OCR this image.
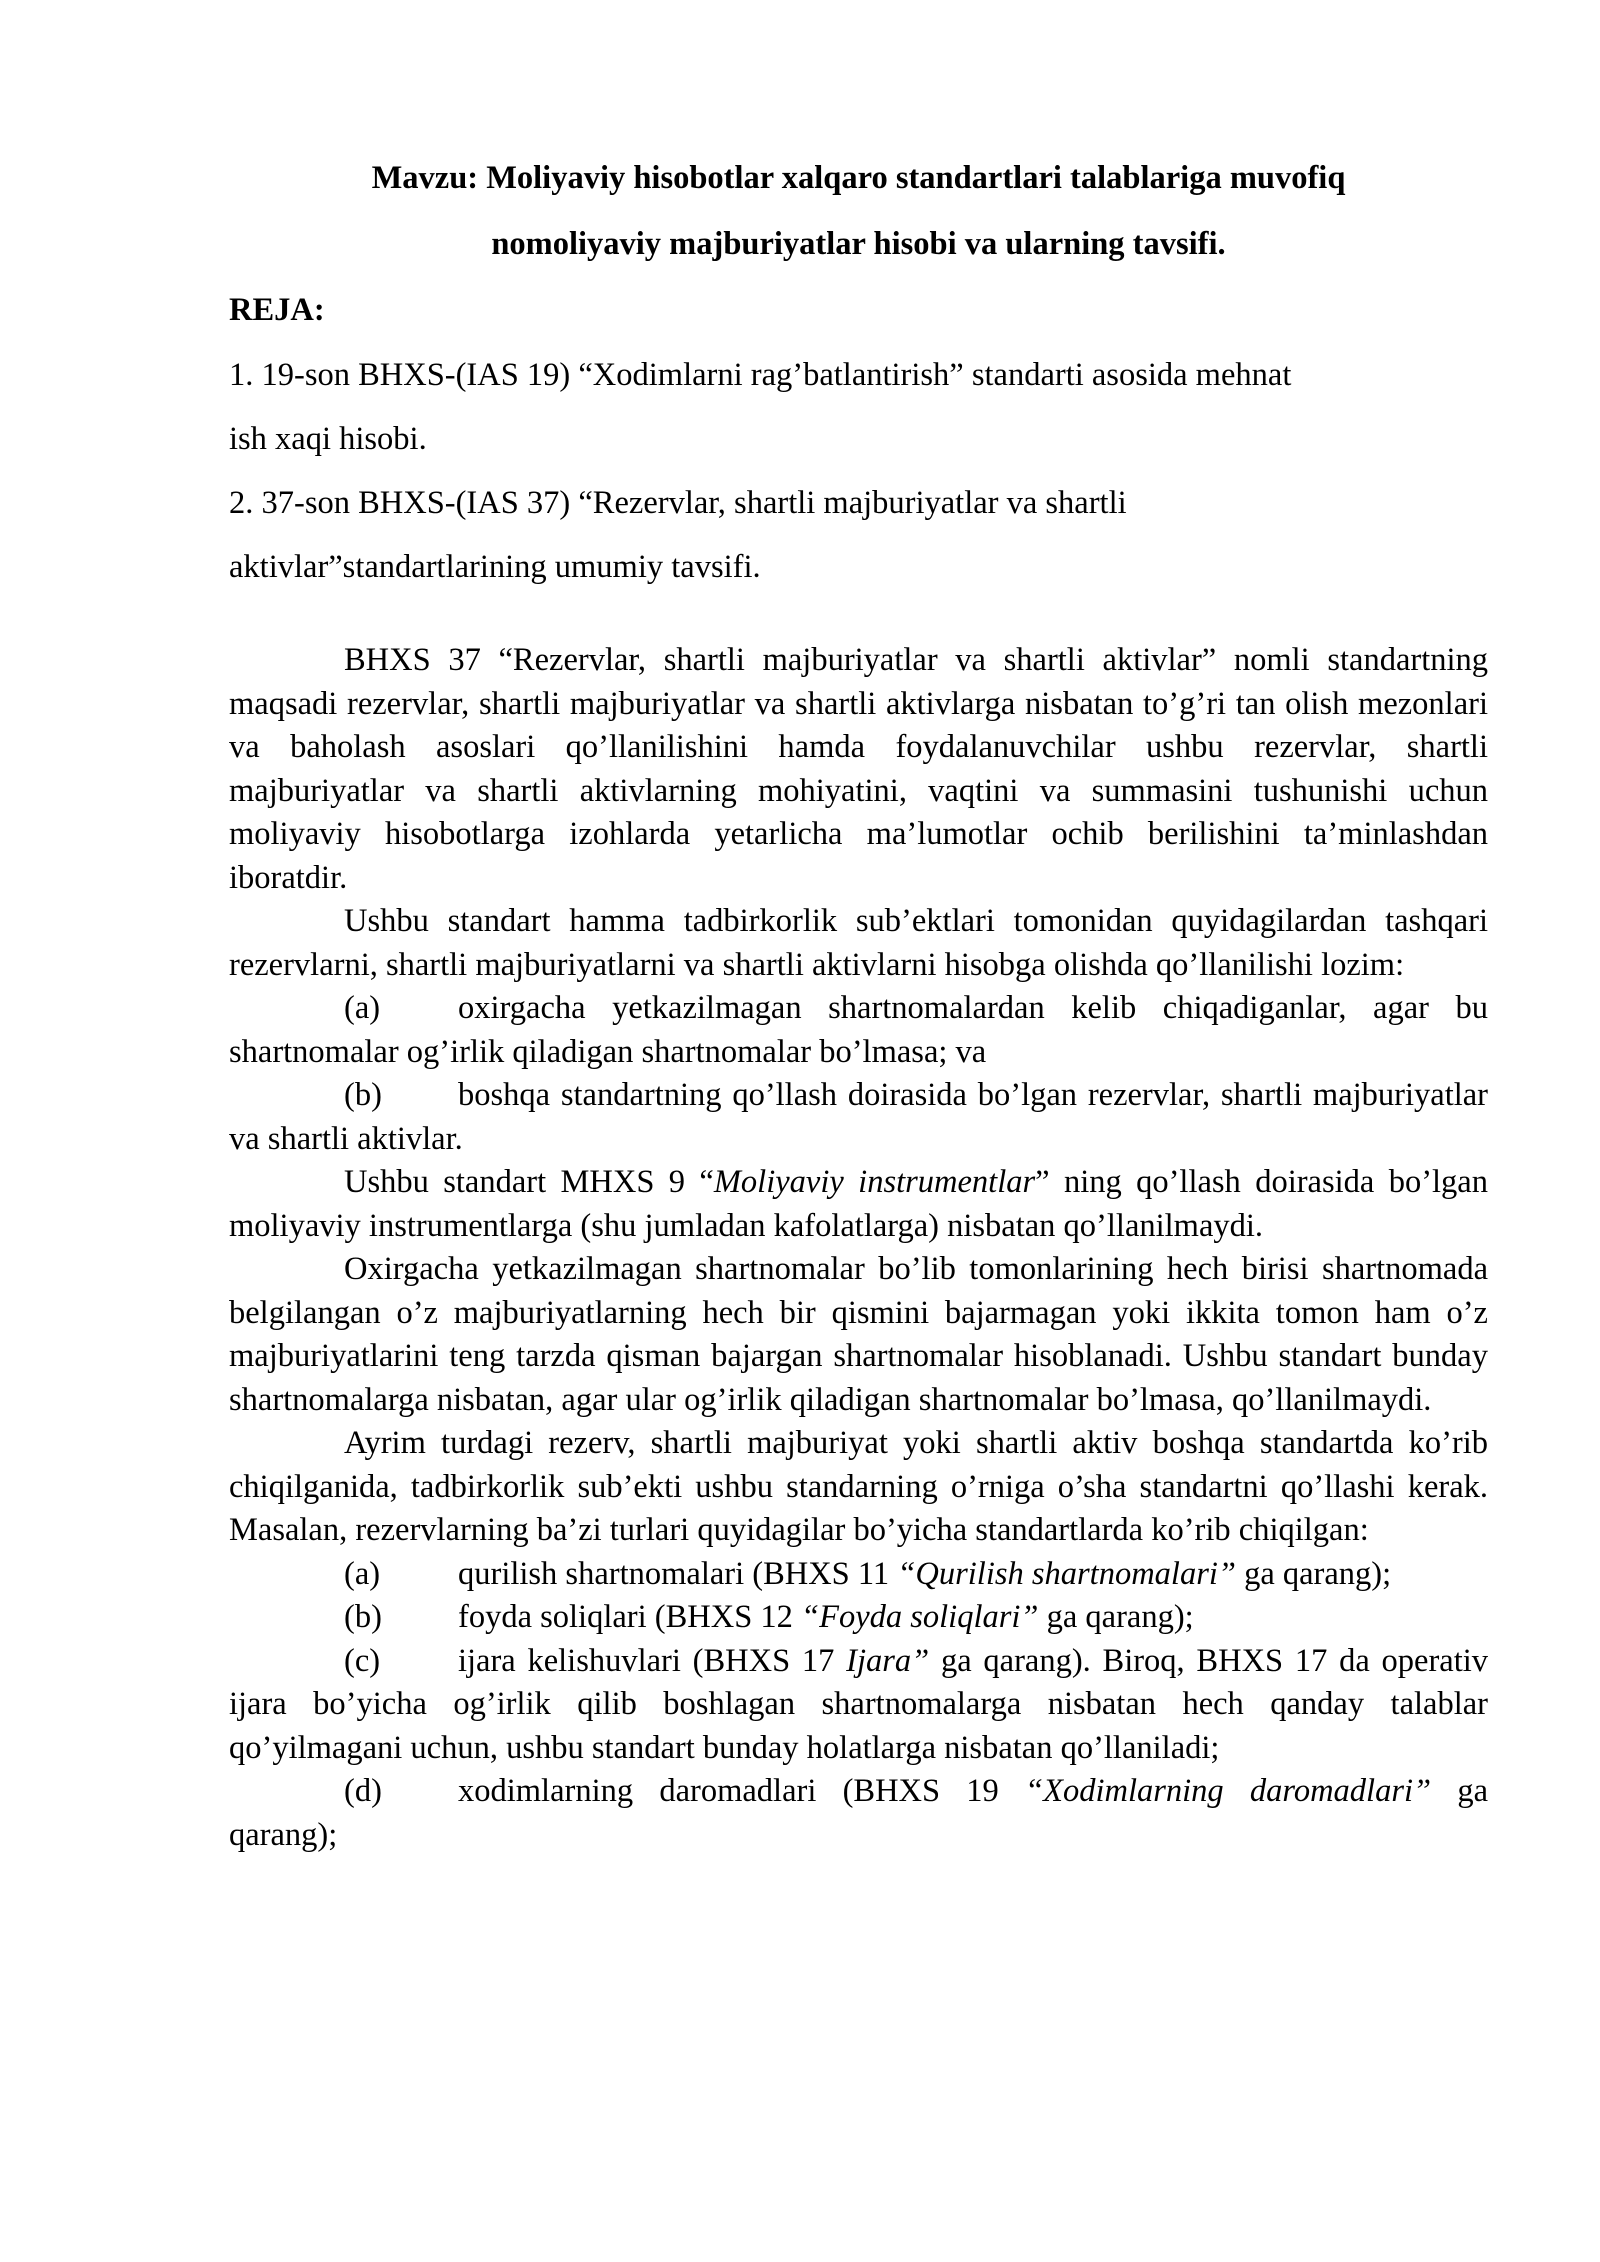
Mavzu: Moliyaviy hisobotlar xalqaro standartlari talablariga muvofiq

nomoliyaviy majburiyatlar hisobi va ularning tavsifi.

REJA:

1. 19-son BHXS-(IAS 19) “Xodimlarni rag’batlantirish” standarti asosida mehnat

ish xaqi hisobi.

2. 37-son BHXS-(IAS 37) “Rezervlar, shartli majburiyatlar va shartli

aktivlar”standartlarining umumiy tavsifi.

BHXS 37 “Rezervlar, shartli majburiyatlar va shartli aktivlar” nomli standartning maqsadi rezervlar, shartli majburiyatlar va shartli aktivlarga nisbatan to’g’ri tan olish mezonlari va baholash asoslari qo’llanilishini hamda foydalanuvchilar ushbu rezervlar, shartli majburiyatlar va shartli aktivlarning mohiyatini, vaqtini va summasini tushunishi uchun moliyaviy hisobotlarga izohlarda yetarlicha ma’lumotlar ochib berilishini ta’minlashdan iboratdir.

Ushbu standart hamma tadbirkorlik sub’ektlari tomonidan quyidagilardan tashqari rezervlarni, shartli majburiyatlarni va shartli aktivlarni hisobga olishda qo’llanilishi lozim:

(a) oxirgacha yetkazilmagan shartnomalardan kelib chiqadiganlar, agar bu shartnomalar og’irlik qiladigan shartnomalar bo’lmasa; va

(b) boshqa standartning qo’llash doirasida bo’lgan rezervlar, shartli majburiyatlar va shartli aktivlar.

Ushbu standart MHXS 9 “Moliyaviy instrumentlar” ning qo’llash doirasida bo’lgan moliyaviy instrumentlarga (shu jumladan kafolatlarga) nisbatan qo’llanilmaydi.

Oxirgacha yetkazilmagan shartnomalar bo’lib tomonlarining hech birisi shartnomada belgilangan o’z majburiyatlarning hech bir qismini bajarmagan yoki ikkita tomon ham o’z majburiyatlarini teng tarzda qisman bajargan shartnomalar hisoblanadi. Ushbu standart bunday shartnomalarga nisbatan, agar ular og’irlik qiladigan shartnomalar bo’lmasa, qo’llanilmaydi.

Ayrim turdagi rezerv, shartli majburiyat yoki shartli aktiv boshqa standartda ko’rib chiqilganida, tadbirkorlik sub’ekti ushbu standarning o’rniga o’sha standartni qo’llashi kerak. Masalan, rezervlarning ba’zi turlari quyidagilar bo’yicha standartlarda ko’rib chiqilgan:

(a) qurilish shartnomalari (BHXS 11 “Qurilish shartnomalari” ga qarang);

(b) foyda soliqlari (BHXS 12 “Foyda soliqlari” ga qarang);

(c) ijara kelishuvlari (BHXS 17 Ijara” ga qarang). Biroq, BHXS 17 da operativ ijara bo’yicha og’irlik qilib boshlagan shartnomalarga nisbatan hech qanday talablar qo’yilmagani uchun, ushbu standart bunday holatlarga nisbatan qo’llaniladi;

(d) xodimlarning daromadlari (BHXS 19 “Xodimlarning daromadlari” ga qarang);
